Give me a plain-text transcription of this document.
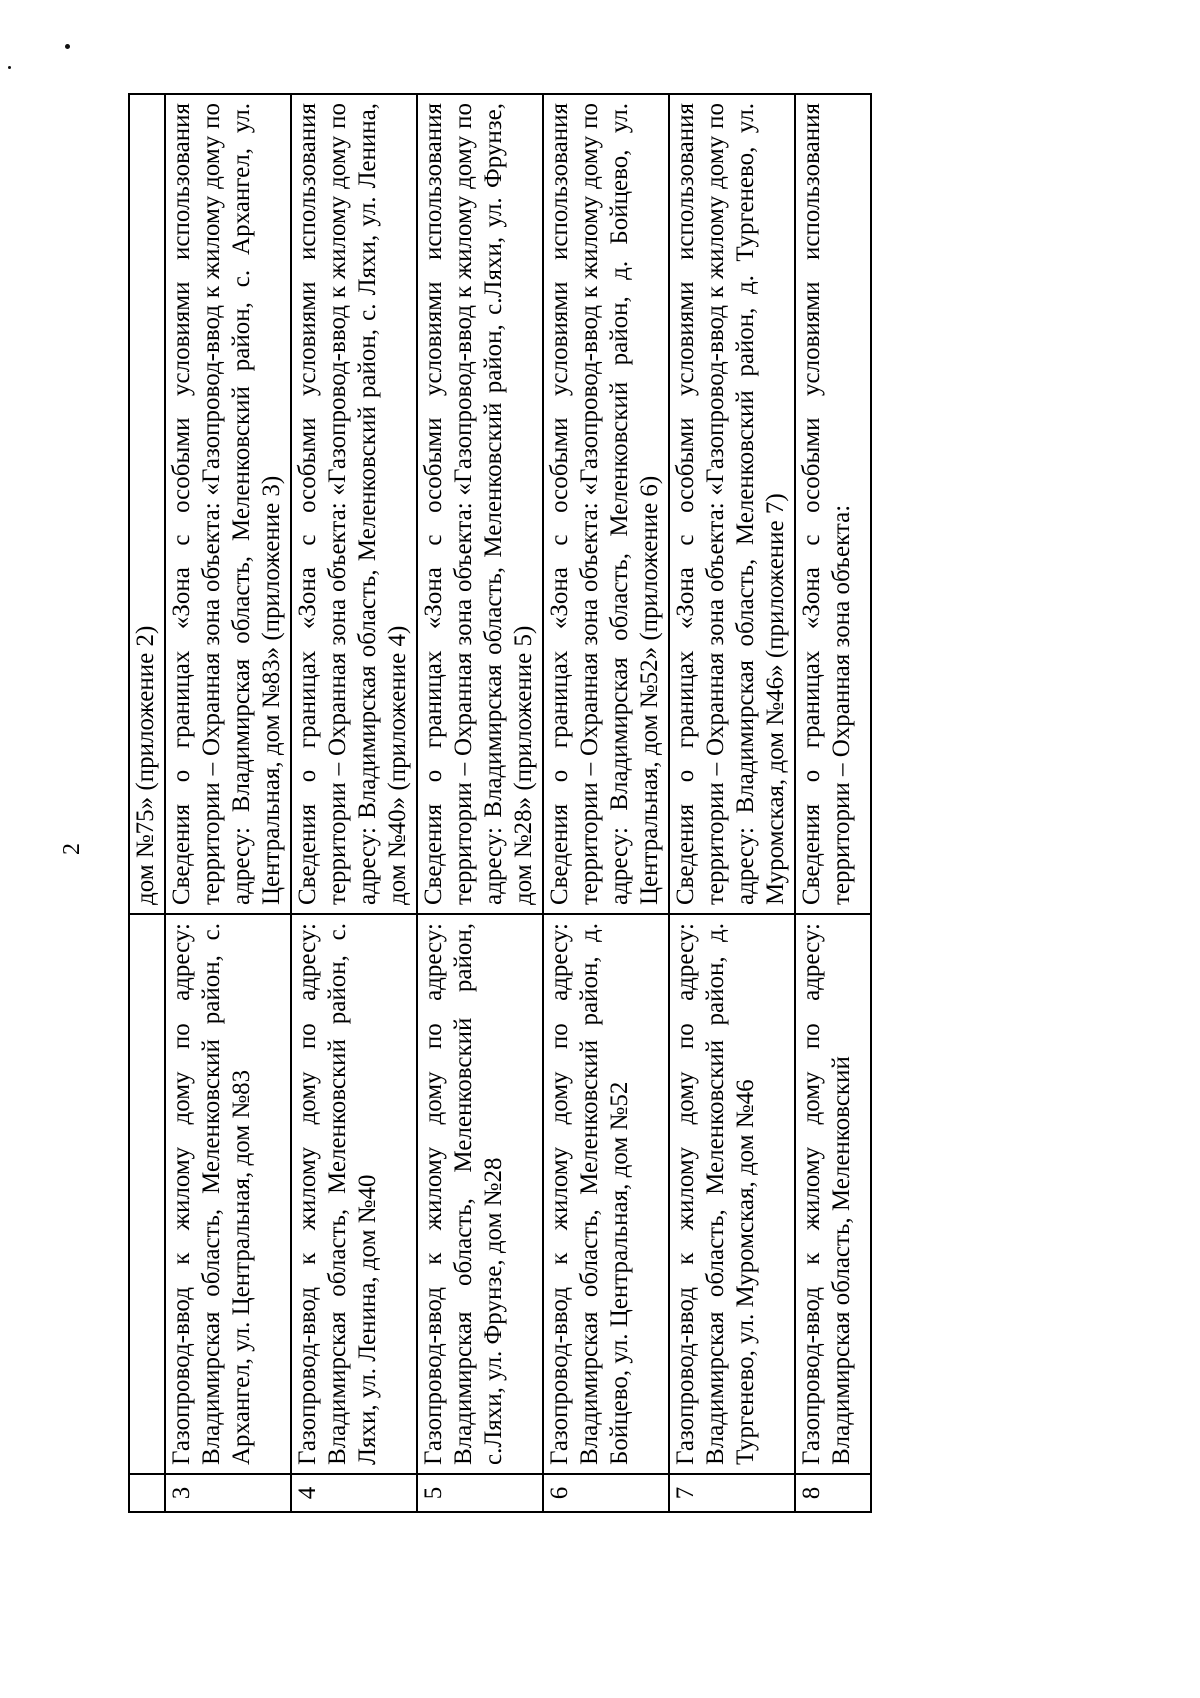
2
		дом №75» (приложение 2)
3	Газопровод-ввод к жилому дому по адресу: Владимирская область, Меленковский район, с. Архангел, ул. Центральная, дом №83	Сведения о границах «Зона с особыми условиями использования территории – Охранная зона объекта: «Газопровод-ввод к жилому дому по адресу: Владимирская область, Меленковский район, с. Архангел, ул. Центральная, дом №83» (приложение 3)
4	Газопровод-ввод к жилому дому по адресу: Владимирская область, Меленковский район, с. Ляхи, ул. Ленина, дом №40	Сведения о границах «Зона с особыми условиями использования территории – Охранная зона объекта: «Газопровод-ввод к жилому дому по адресу: Владимирская область, Меленковский район, с. Ляхи, ул. Ленина, дом №40» (приложение 4)
5	Газопровод-ввод к жилому дому по адресу: Владимирская область, Меленковский район, с.Ляхи, ул. Фрунзе, дом №28	Сведения о границах «Зона с особыми условиями использования территории – Охранная зона объекта: «Газопровод-ввод к жилому дому по адресу: Владимирская область, Меленковский район, с.Ляхи, ул. Фрунзе, дом №28» (приложение 5)
6	Газопровод-ввод к жилому дому по адресу: Владимирская область, Меленковский район, д. Бойцево, ул. Центральная, дом №52	Сведения о границах «Зона с особыми условиями использования территории – Охранная зона объекта: «Газопровод-ввод к жилому дому по адресу: Владимирская область, Меленковский район, д. Бойцево, ул. Центральная, дом №52» (приложение 6)
7	Газопровод-ввод к жилому дому по адресу: Владимирская область, Меленковский район, д. Тургенево, ул. Муромская, дом №46	Сведения о границах «Зона с особыми условиями использования территории – Охранная зона объекта: «Газопровод-ввод к жилому дому по адресу: Владимирская область, Меленковский район, д. Тургенево, ул. Муромская, дом №46» (приложение 7)
8	Газопровод-ввод к жилому дому по адресу: Владимирская область, Меленковский	Сведения о границах «Зона с особыми условиями использования территории – Охранная зона объекта:
